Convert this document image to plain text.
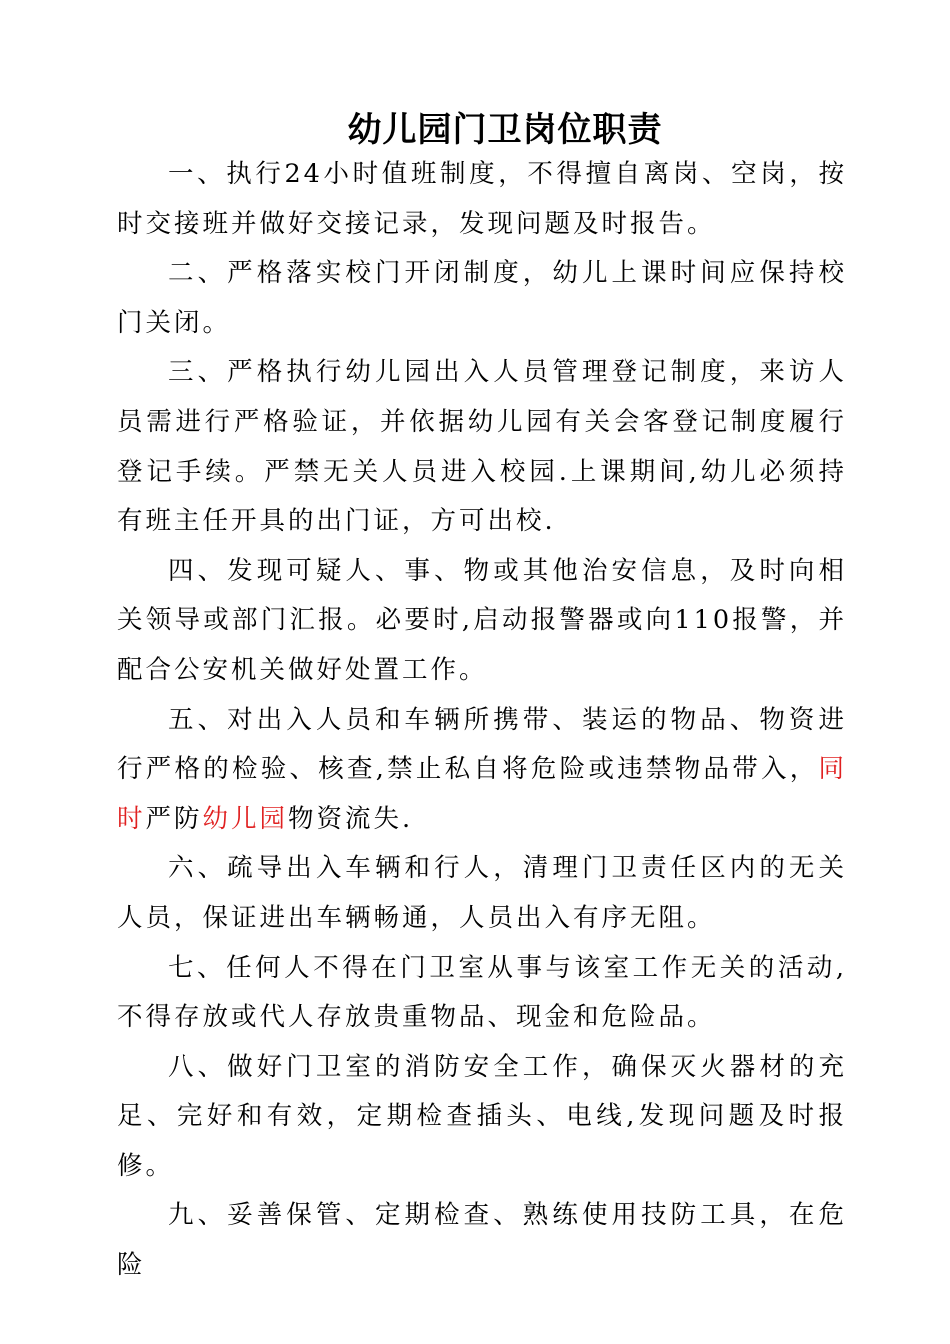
幼儿园门卫岗位职责

一、执行24小时值班制度，不得擅自离岗、空岗，按时交接班并做好交接记录，发现问题及时报告。

二、严格落实校门开闭制度，幼儿上课时间应保持校门关闭。

三、严格执行幼儿园出入人员管理登记制度，来访人员需进行严格验证，并依据幼儿园有关会客登记制度履行登记手续。严禁无关人员进入校园.上课期间,幼儿必须持有班主任开具的出门证，方可出校.

四、发现可疑人、事、物或其他治安信息，及时向相关领导或部门汇报。必要时,启动报警器或向110报警，并配合公安机关做好处置工作。

五、对出入人员和车辆所携带、装运的物品、物资进行严格的检验、核查,禁止私自将危险或违禁物品带入，同时严防幼儿园物资流失.

六、疏导出入车辆和行人，清理门卫责任区内的无关人员，保证进出车辆畅通，人员出入有序无阻。

七、任何人不得在门卫室从事与该室工作无关的活动,不得存放或代人存放贵重物品、现金和危险品。

八、做好门卫室的消防安全工作，确保灭火器材的充足、完好和有效，定期检查插头、电线,发现问题及时报修。

九、妥善保管、定期检查、熟练使用技防工具，在危险
